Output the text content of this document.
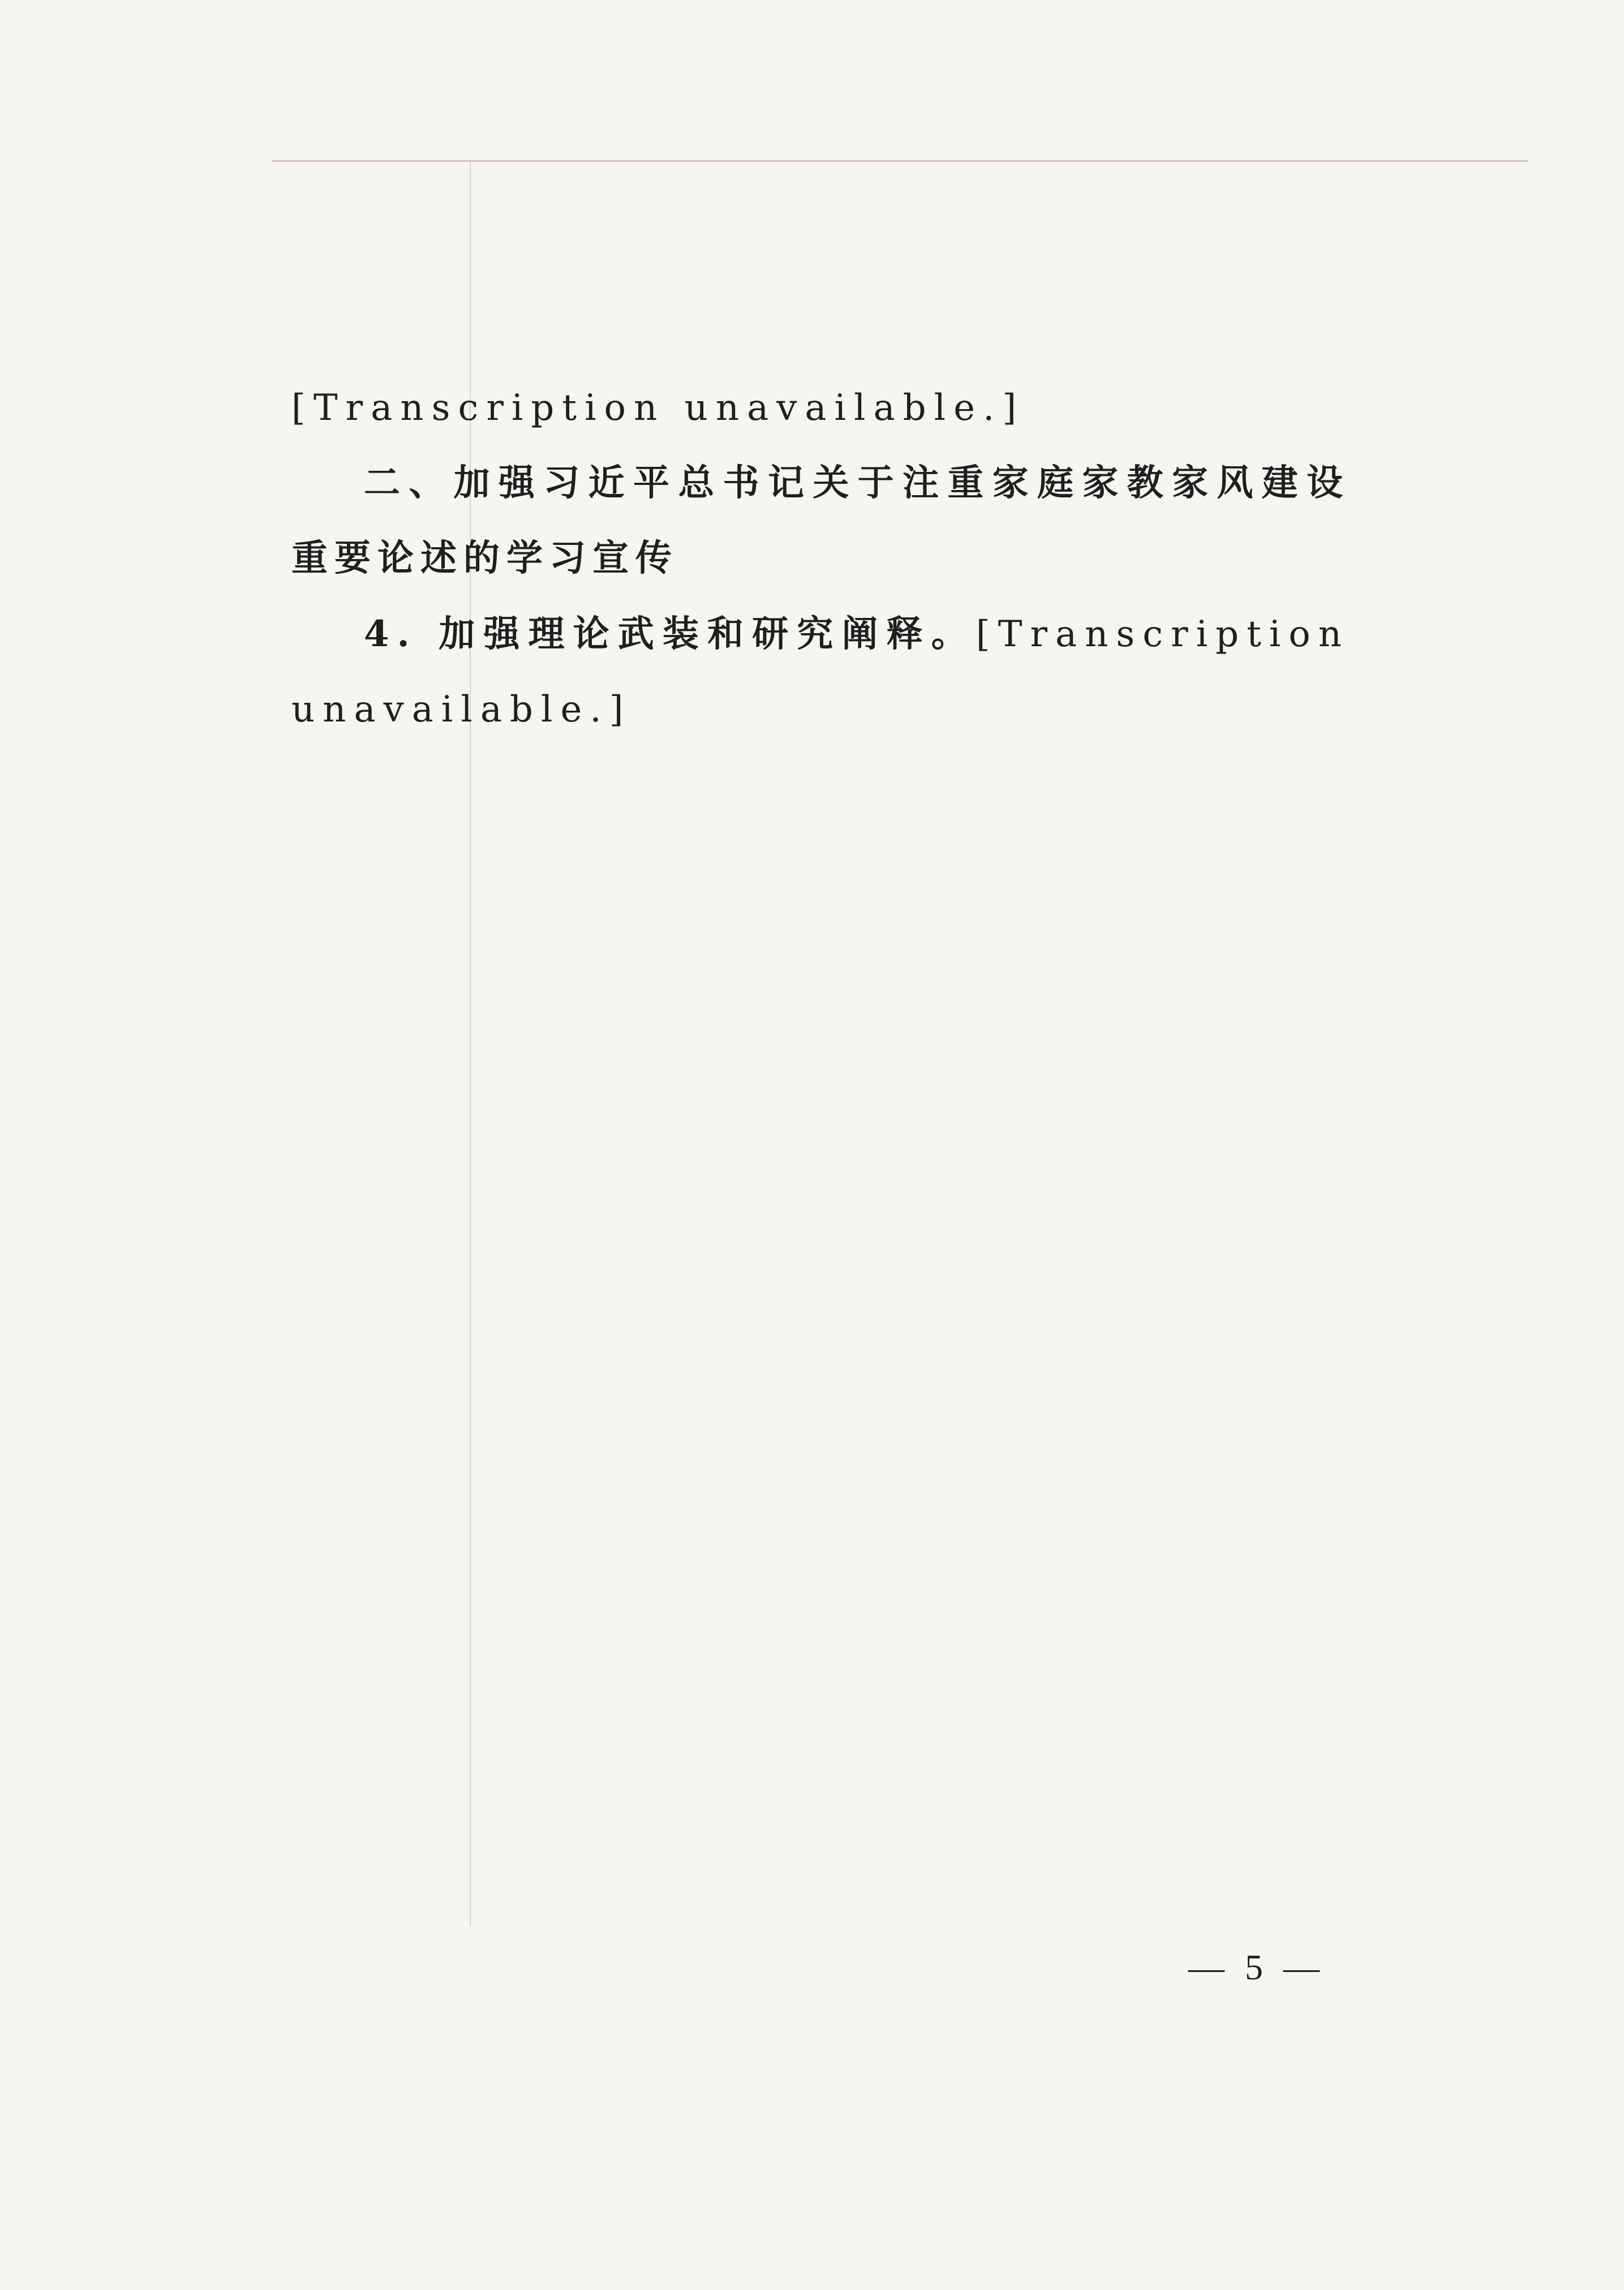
[Transcription unavailable.]

二、加强习近平总书记关于注重家庭家教家风建设重要论述的学习宣传

4. 加强理论武装和研究阐释。[Transcription unavailable.]

— 5 —
